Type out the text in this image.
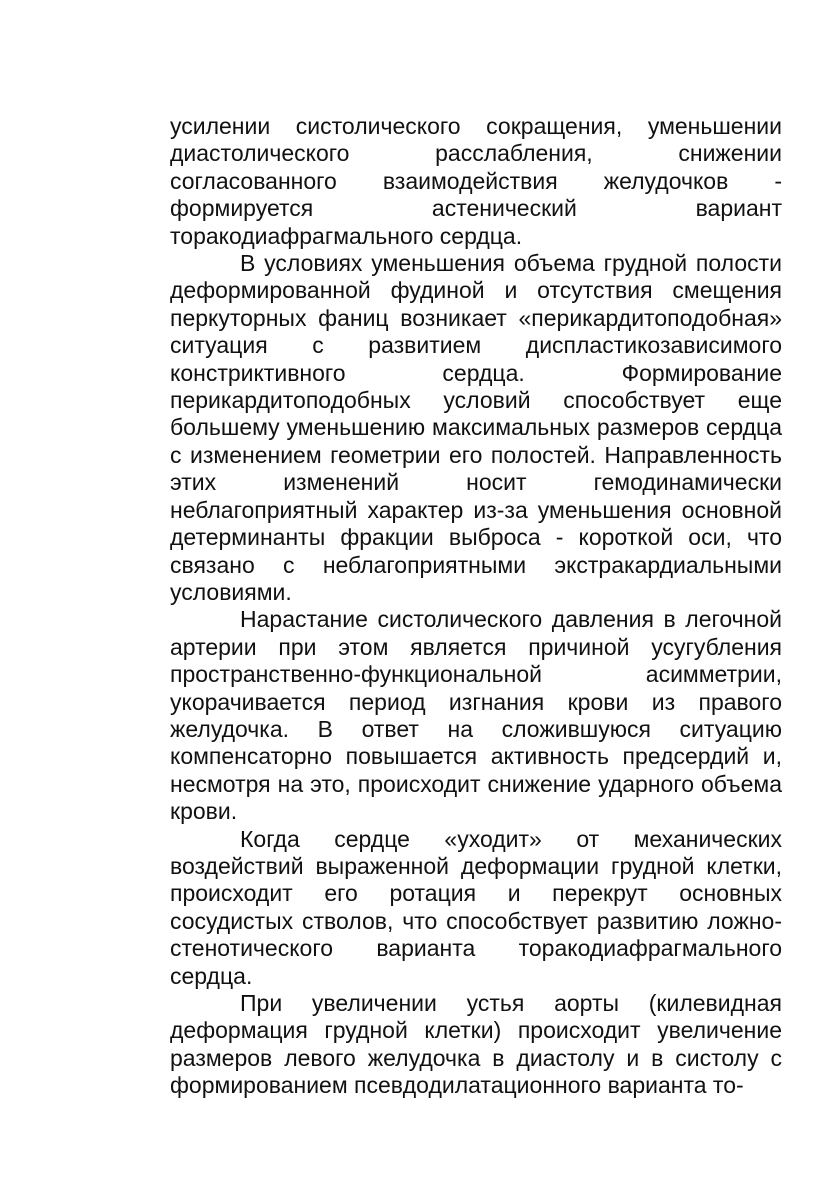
усилении систолического сокращения, уменьшении диастолического расслабления, снижении согласованного взаимодействия желудочков - формируется астенический вариант торакодиафрагмального сердца.

В условиях уменьшения объема грудной полости деформированной фудиной и отсутствия смещения перкуторных фаниц возникает «перикардитоподобная» ситуация с развитием диспластикозависимого констриктивного сердца. Формирование перикардитоподобных условий способствует еще большему уменьшению максимальных размеров сердца с изменением геометрии его полостей. Направленность этих изменений носит гемодинамически неблагоприятный характер из-за уменьшения основной детерминанты фракции выброса - короткой оси, что связано с неблагоприятными экстракардиальными условиями.

Нарастание систолического давления в легочной артерии при этом является причиной усугубления пространственно-функциональной асимметрии, укорачивается период изгнания крови из правого желудочка. В ответ на сложившуюся ситуацию компенсаторно повышается активность предсердий и, несмотря на это, происходит снижение ударного объема крови.

Когда сердце «уходит» от механических воздействий выраженной деформации грудной клетки, происходит его ротация и перекрут основных сосудистых стволов, что способствует развитию ложно-стенотического варианта торакодиафрагмального сердца.

При увеличении устья аорты (килевидная деформация грудной клетки) происходит увеличение размеров левого желудочка в диастолу и в систолу с формированием псевдодилатационного варианта то-
